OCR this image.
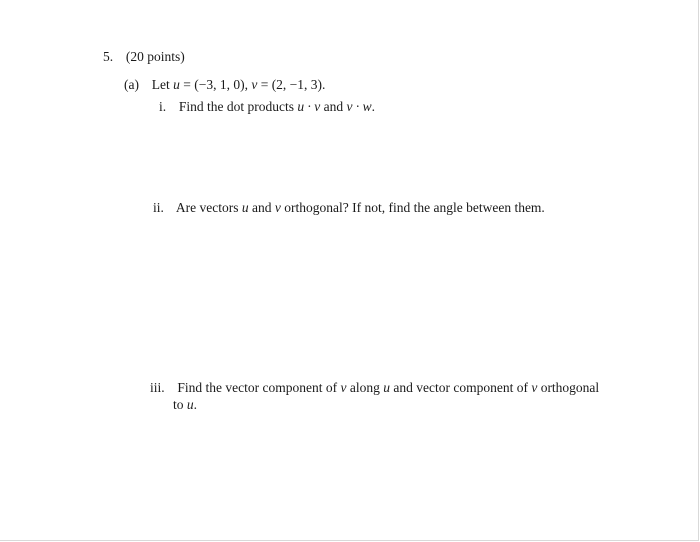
5. (20 points)
(a) Let u = (−3, 1, 0), v = (2, −1, 3).
i. Find the dot products u · v and v · w.
ii. Are vectors u and v orthogonal? If not, find the angle between them.
iii. Find the vector component of v along u and vector component of v orthogonal
to u.
